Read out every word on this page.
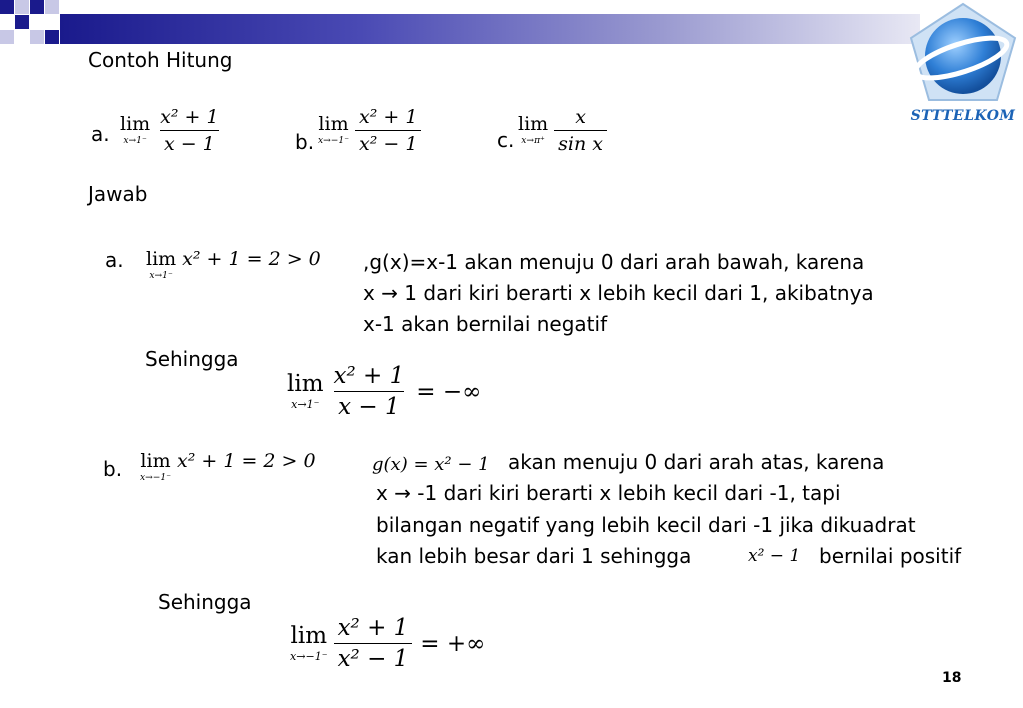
STTTELKOM
Contoh Hitung
a. lim
$x\to 1^- \frac{\text{x² + 1}}{x - 1}$	b.
lim
$x\to-1^- \frac{\text{x² + 1}}{\text{x² − 1}}$	c.
lim
$x\to\pi^+ \frac{x}{\text{sin x}}$
Jawab
a. lim
x→1⁻
x² + 1 = 2 > 0 ,g(x)=x-1 akan menuju 0 dari arah bawah, karena
x → 1 dari kiri berarti x lebih kecil dari 1, akibatnya
x-1 akan bernilai negatif
Sehingga
lim
$x\to 1^- \frac{\text{x² + 1}}{x - 1}$ = −∞
b. lim
x→−1⁻
x² + 1 = 2 > 0	g(x) = x² − 1 akan menuju 0 dari arah atas, karena
x → -1 dari kiri berarti x lebih kecil dari -1, tapi
bilangan negatif yang lebih kecil dari -1 jika dikuadrat
kan lebih besar dari 1 sehingga	x² − 1 bernilai positif
Sehingga
lim
$x\to-1^- \frac{\text{x² + 1}}{\text{x² − 1}}$ = +∞
18
